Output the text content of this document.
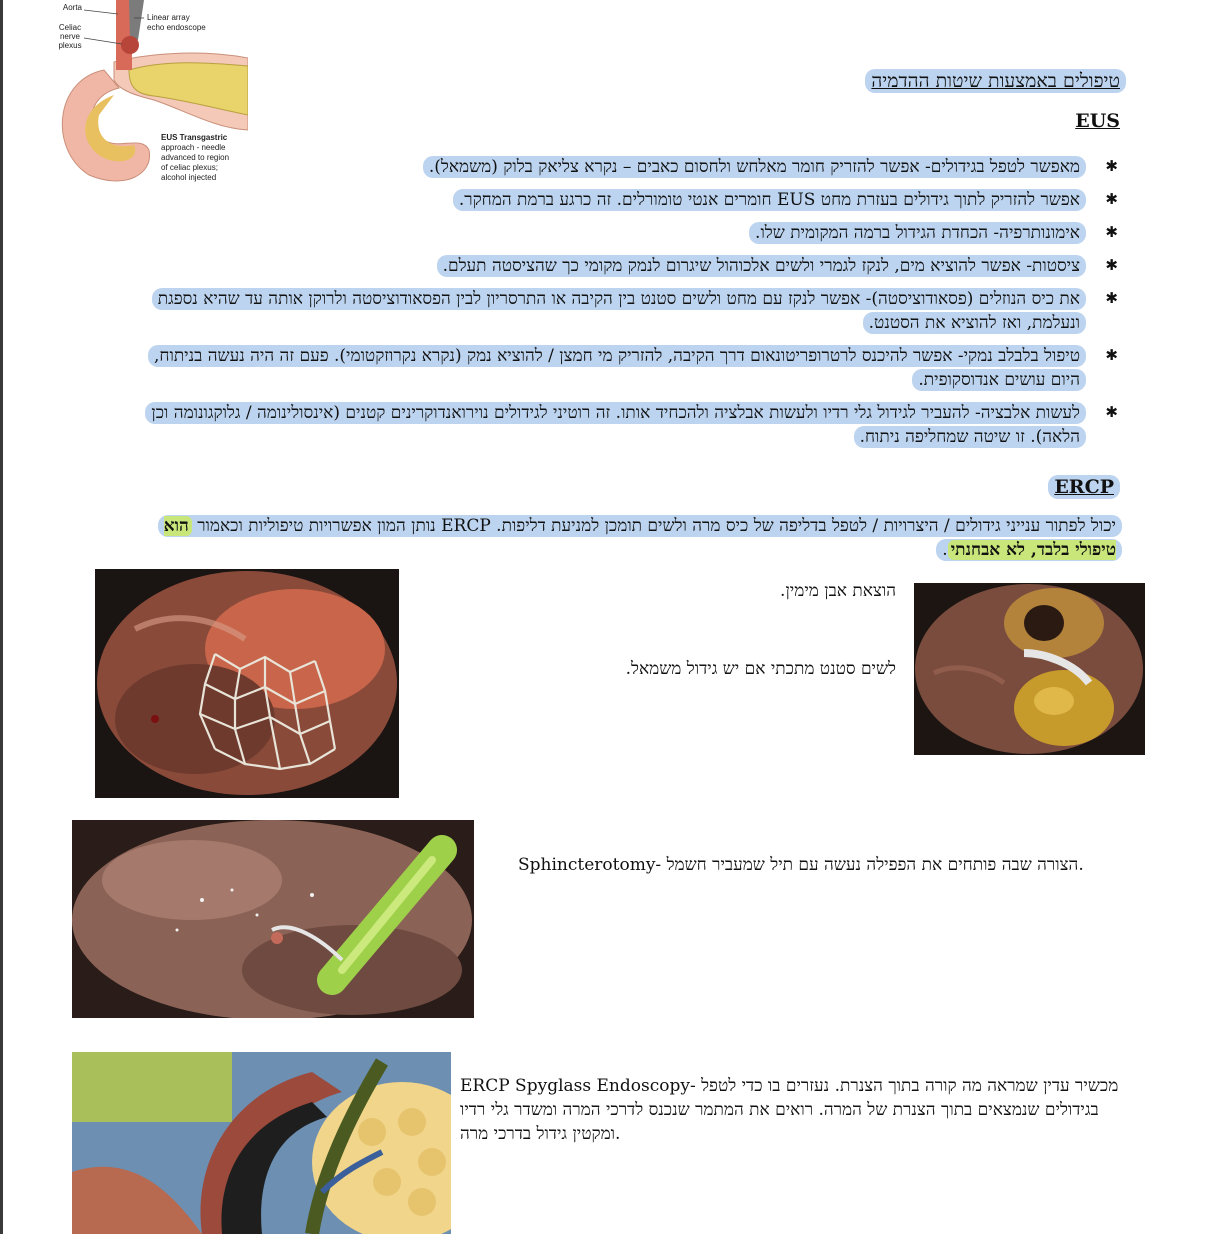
Aorta
Linear array
echo endoscope
Celiac
nerve
plexus
EUS Transgastric
approach - needle
advanced to region
of celiac plexus;
alcohol injected
טיפולים באמצעות שיטות ההדמיה
EUS
✱
מאפשר לטפל בגידולים- אפשר להזריק חומר מאלחש ולחסום כאבים – נקרא צליאק בלוק (משמאל).
✱
אפשר להזריק לתוך גידולים בעזרת מחט EUS חומרים אנטי טומורלים. זה כרגע ברמת המחקר.
✱
אימונותרפיה- הכחדת הגידול ברמה המקומית שלו.
✱
ציסטות- אפשר להוציא מים, לנקז לגמרי ולשים אלכוהול שיגרום לנמק מקומי כך שהציסטה תעלם.
✱
את כיס הנוזלים (פסאודוציסטה)- אפשר לנקז עם מחט ולשים סטנט בין הקיבה או התרסריון לבין הפסאודוציסטה ולרוקן אותה עד שהיא נספגת ונעלמת, ואז להוציא את הסטנט.
✱
טיפול בלבלב נמקי- אפשר להיכנס לרטרופריטונאום דרך הקיבה, להזריק מי חמצן / להוציא נמק (נקרא נקרוזקטומי). פעם זה היה נעשה בניתוח, היום עושים אנדוסקופית.
✱
לעשות אלבציה- להעביר לגידול גלי רדיו ולעשות אבלציה ולהכחיד אותו. זה רוטיני לגידולים נוירואנדוקרינים קטנים (אינסולינומה / גלוקגונומה וכן הלאה). זו שיטה שמחליפה ניתוח.
ERCP
יכול לפתור ענייני גידולים / היצרויות / לטפל בדליפה של כיס מרה ולשים תומכן למניעת דליפות. ERCP נותן המון אפשרויות טיפוליות וכאמור הוא טיפולי בלבד, לא אבחנתי.
הוצאת אבן מימין.
לשים סטנט מתכתי אם יש גידול משמאל.
Sphincterotomy- הצורה שבה פותחים את הפפילה נעשה עם תיל שמעביר חשמל.
ERCP Spyglass Endoscopy- מכשיר עדין שמראה מה קורה בתוך הצנרת. נעזרים בו כדי לטפל בגידולים שנמצאים בתוך הצנרת של המרה. רואים את המתמר שנכנס לדרכי המרה ומשדר גלי רדיו ומקטין גידול בדרכי מרה.
